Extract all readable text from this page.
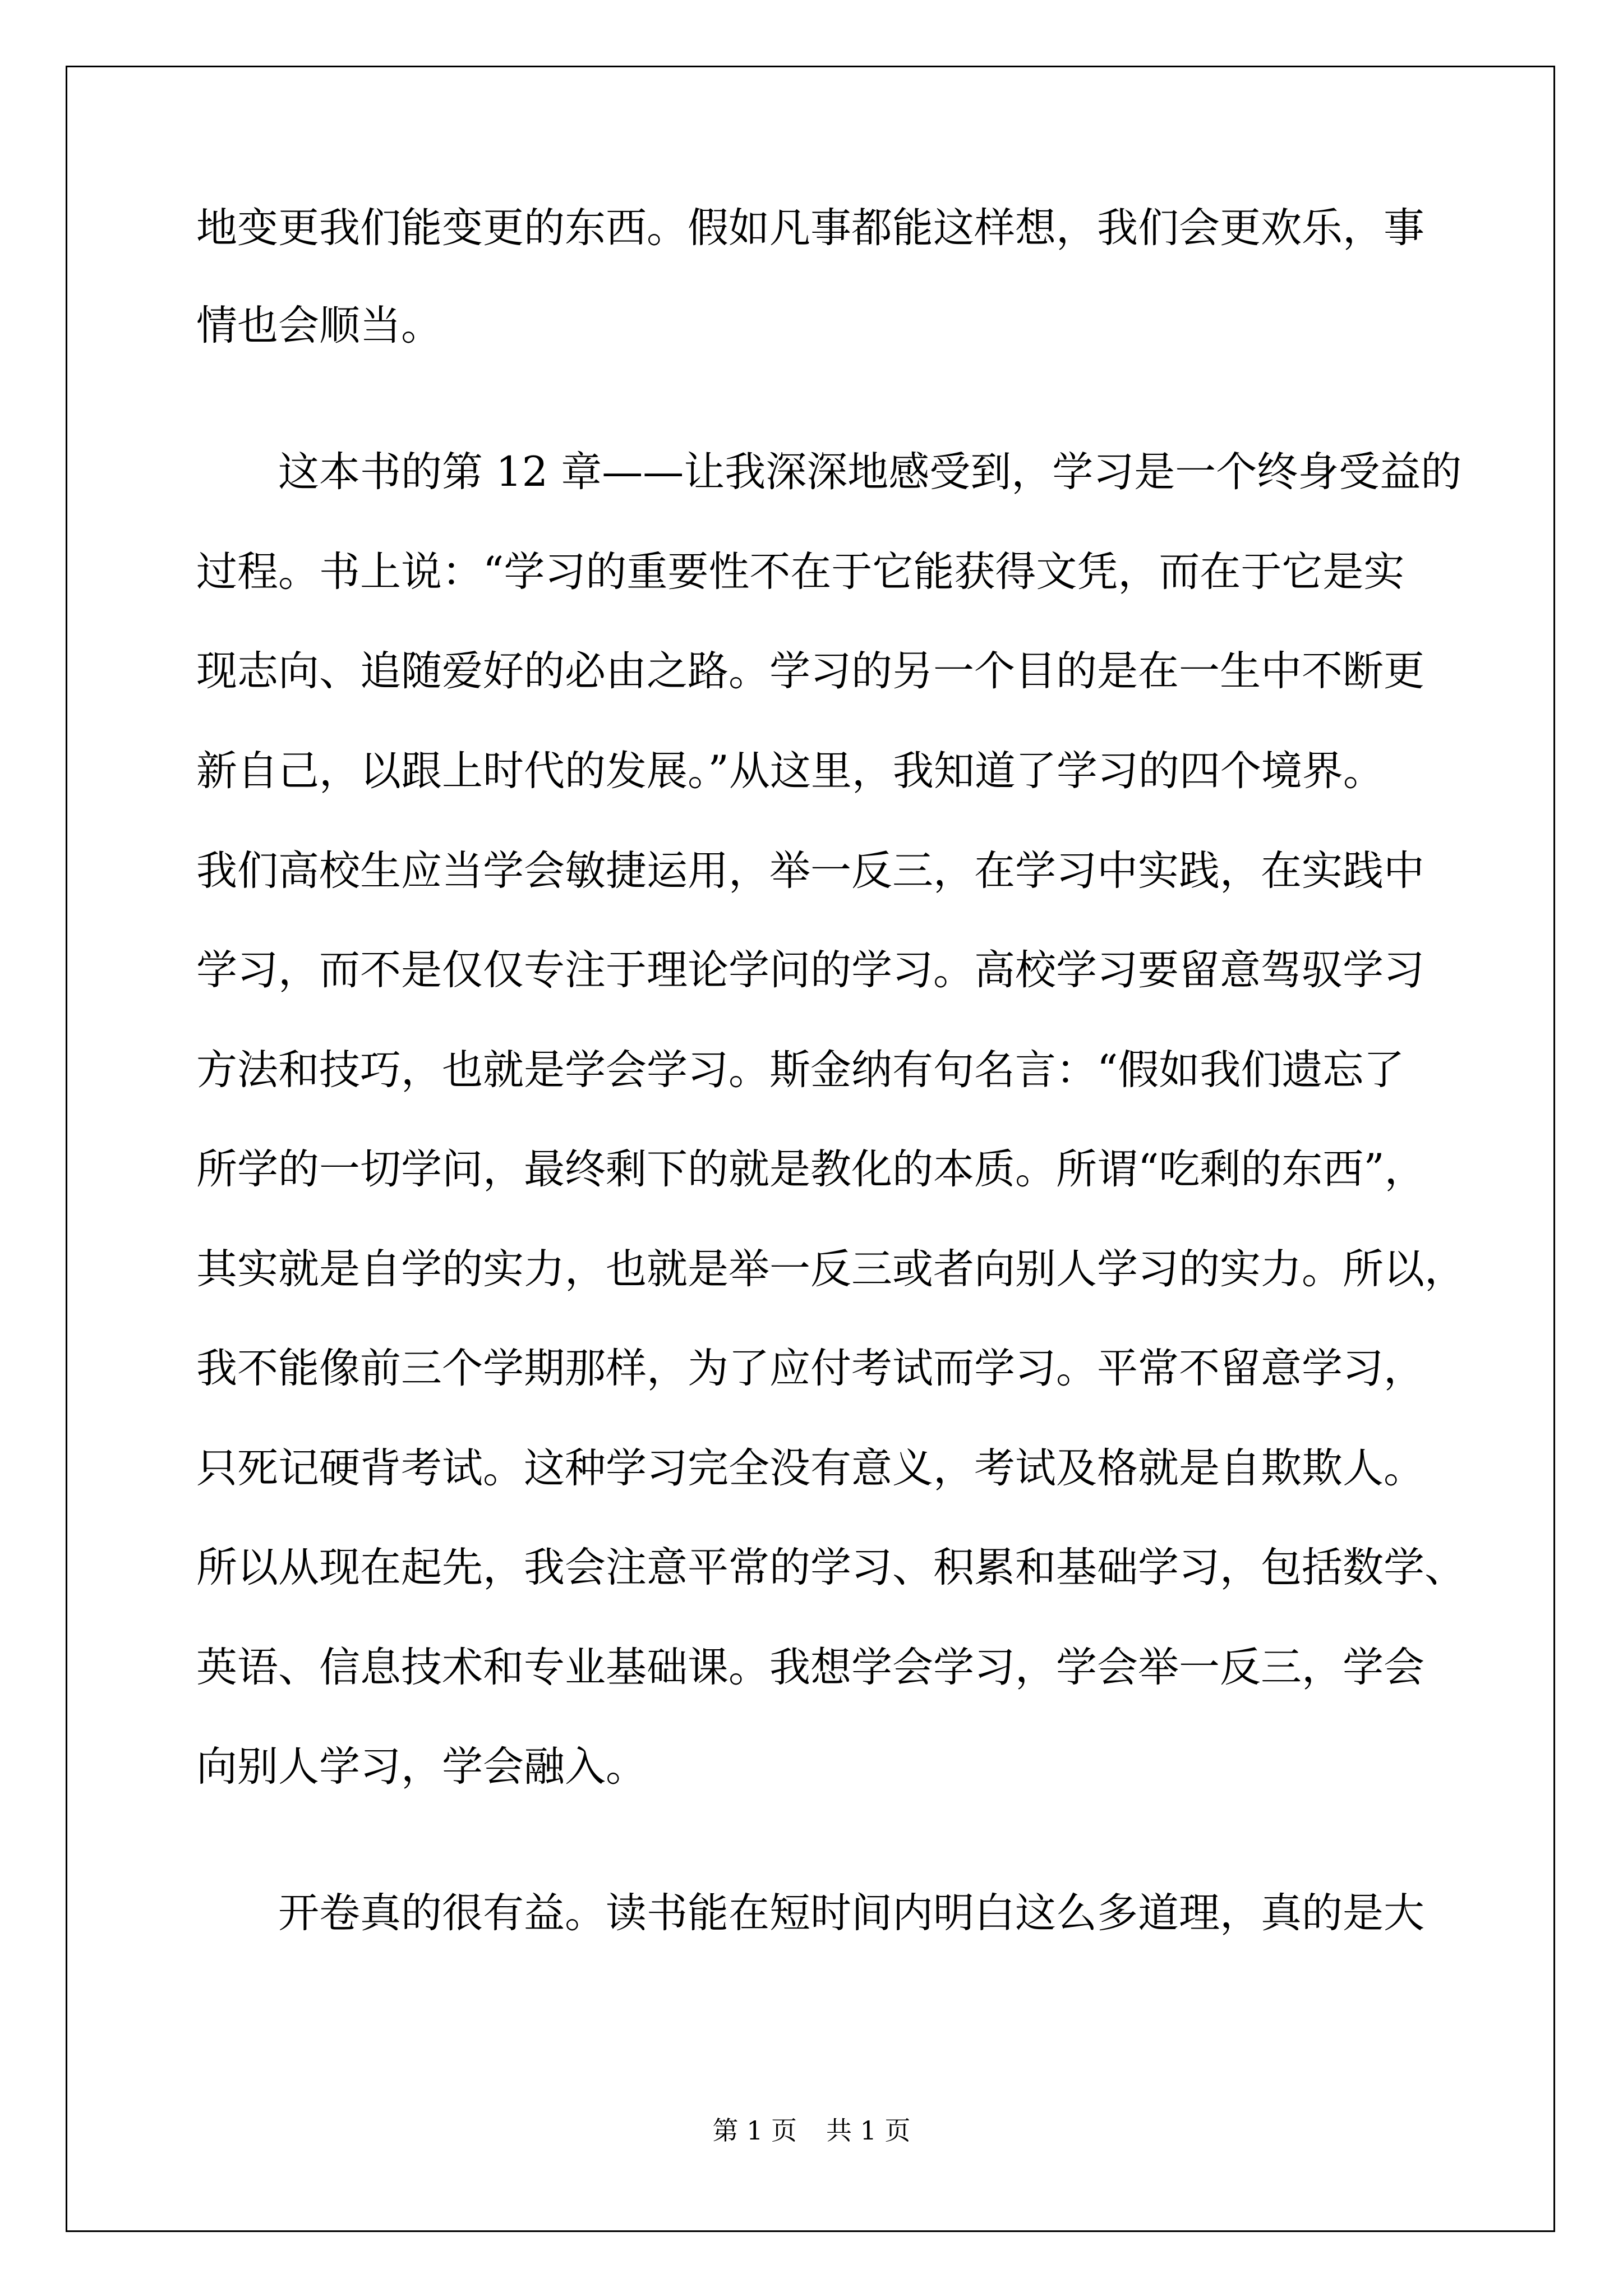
地变更我们能变更的东西。假如凡事都能这样想，我们会更欢乐，事
情也会顺当。
这本书的第 12 章——让我深深地感受到，学习是一个终身受益的
过程。书上说：“学习的重要性不在于它能获得文凭，而在于它是实
现志向、追随爱好的必由之路。学习的另一个目的是在一生中不断更
新自己，以跟上时代的发展。”从这里，我知道了学习的四个境界。
我们高校生应当学会敏捷运用，举一反三，在学习中实践，在实践中
学习，而不是仅仅专注于理论学问的学习。高校学习要留意驾驭学习
方法和技巧，也就是学会学习。斯金纳有句名言：“假如我们遗忘了
所学的一切学问，最终剩下的就是教化的本质。所谓“吃剩的东西”，
其实就是自学的实力，也就是举一反三或者向别人学习的实力。所以，
我不能像前三个学期那样，为了应付考试而学习。平常不留意学习，
只死记硬背考试。这种学习完全没有意义，考试及格就是自欺欺人。
所以从现在起先，我会注意平常的学习、积累和基础学习，包括数学、
英语、信息技术和专业基础课。我想学会学习，学会举一反三，学会
向别人学习，学会融入。
开卷真的很有益。读书能在短时间内明白这么多道理，真的是大
第 1 页 共 1 页
